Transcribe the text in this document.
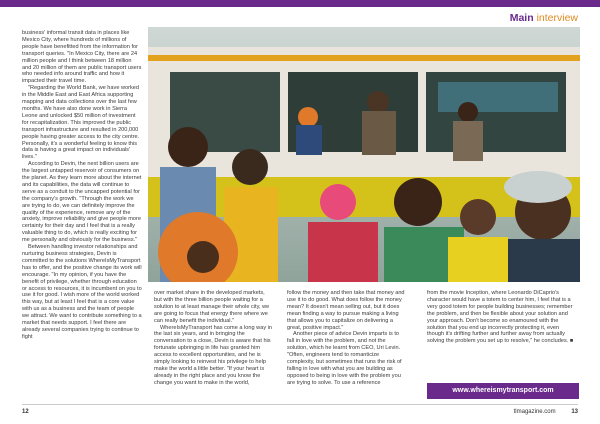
Main interview

business' informal transit data in places like Mexico City, where hundreds of millions of people have benefitted from the information for transport queries. "In Mexico City, there are 24 million people and I think between 18 million and 20 million of them are public transport users who needed info around traffic and how it impacted their travel time.

"Regarding the World Bank, we have worked in the Middle East and East Africa supporting mapping and data collections over the last few months. We have also done work in Sierra Leone and unlocked $50 million of investment for recapitalization. This improved the public transport infrastructure and resulted in 200,000 people having greater access to the city centre. Personally, it's a wonderful feeling to know this data is having a great impact on individuals' lives."

According to Devin, the next billion users are the largest untapped reservoir of consumers on the planet. As they learn more about the internet and its capabilities, the data will continue to serve as a conduit to the uncapped potential for the company's growth. "Through the work we are trying to do, we can definitely improve the quality of the experience, remove any of the anxiety, improve reliability and give people more certainty for their day and I feel that is a really valuable thing to do, which is really exciting for me personally and obviously for the business."

Between handling investor relationships and nurturing business strategies, Devin is committed to the solutions WhereIsMyTransport has to offer, and the positive change its work will encourage. "In my opinion, if you have the benefit of privilege, whether through education or access to resources, it is incumbent on you to use it for good. I wish more of the world worked this way, but at least I feel that is a core value with us as a business and the team of people we attract. We want to contribute something to a market that needs support. I feel there are already several companies trying to continue to fight

over market share in the developed markets, but with the three billion people waiting for a solution to at least manage their whole city, we are going to focus that energy there where we can really benefit the individual."

WhereIsMyTransport has come a long way in the last six years, and in bringing the conversation to a close, Devin is aware that his fortunate upbringing in life has granted him access to excellent opportunities, and he is simply looking to reinvest his privilege to help make the world a little better. "If your heart is already in the right place and you know the change you want to make in the world,

follow the money and then take that money and use it to do good. What does follow the money mean? It doesn't mean selling out, but it does mean finding a way to pursue making a living that allows you to capitalize on delivering a great, positive impact."

Another piece of advice Devin imparts is to fall in love with the problem, and not the solution, which he learnt from CEO, Uri Levin. "Often, engineers tend to romanticize complexity, but sometimes that runs the risk of falling in love with what you are building as opposed to being in love with the problem you are trying to solve. To use a reference

from the movie Inception, where Leonardo DiCaprio's character would have a totem to center him, I feel that is a very good totem for people building businesses; remember the problem, and then be flexible about your solution and your approach. Don't become so enamoured with the solution that you end up incorrectly protecting it, even though it's drifting further and further away from actually solving the problem you set up to resolve," he concludes. ■

www.whereismytransport.com
12	tlmagazine.com	13
